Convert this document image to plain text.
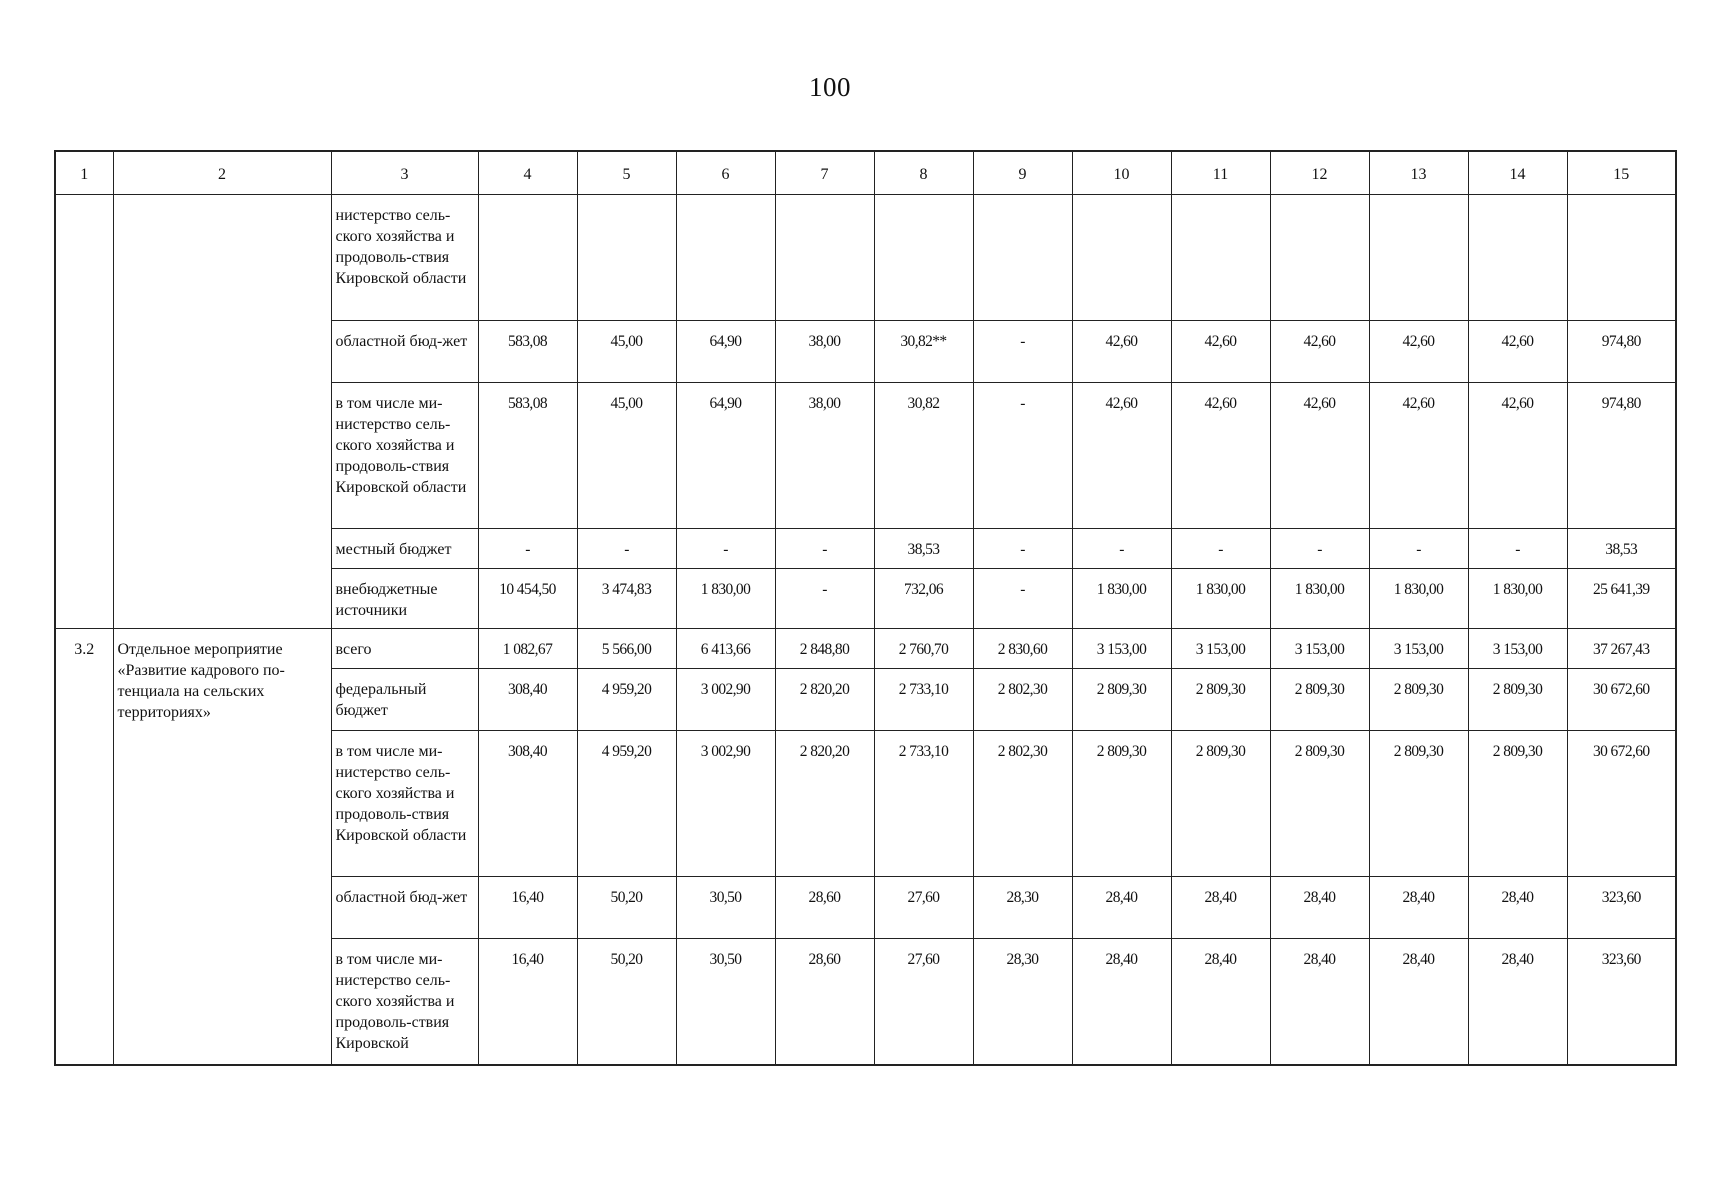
100
1	2	3	4	5	6	7	8	9	10	11	12	13	14	15
		нистерство сель-ского хозяйства и продоволь-ствия Кировской области												
		областной бюд-жет	583,08	45,00	64,90	38,00	30,82**	-	42,60	42,60	42,60	42,60	42,60	974,80
		в том числе ми-нистерство сель-ского хозяйства и продоволь-ствия Кировской области	583,08	45,00	64,90	38,00	30,82	-	42,60	42,60	42,60	42,60	42,60	974,80
		местный бюджет	-	-	-	-	38,53	-	-	-	-	-	-	38,53
		внебюджетные источники	10 454,50	3 474,83	1 830,00	-	732,06	-	1 830,00	1 830,00	1 830,00	1 830,00	1 830,00	25 641,39
3.2	Отдельное мероприятие «Развитие кадрового по-тенциала на сельских территориях»	всего	1 082,67	5 566,00	6 413,66	2 848,80	2 760,70	2 830,60	3 153,00	3 153,00	3 153,00	3 153,00	3 153,00	37 267,43
		федеральный бюджет	308,40	4 959,20	3 002,90	2 820,20	2 733,10	2 802,30	2 809,30	2 809,30	2 809,30	2 809,30	2 809,30	30 672,60
		в том числе ми-нистерство сель-ского хозяйства и продоволь-ствия Кировской области	308,40	4 959,20	3 002,90	2 820,20	2 733,10	2 802,30	2 809,30	2 809,30	2 809,30	2 809,30	2 809,30	30 672,60
		областной бюд-жет	16,40	50,20	30,50	28,60	27,60	28,30	28,40	28,40	28,40	28,40	28,40	323,60
		в том числе ми-нистерство сель-ского хозяйства и продоволь-ствия Кировской	16,40	50,20	30,50	28,60	27,60	28,30	28,40	28,40	28,40	28,40	28,40	323,60
